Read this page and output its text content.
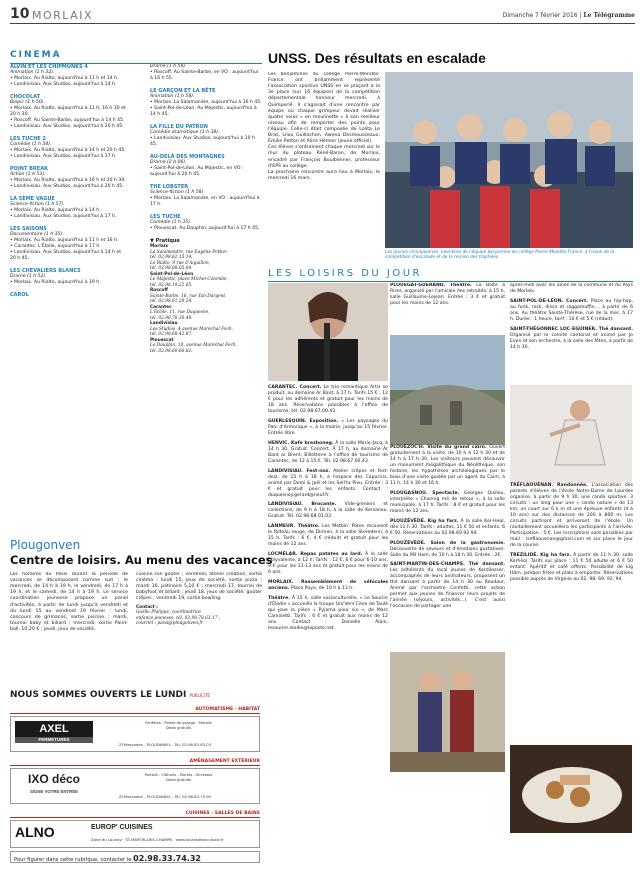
10 MORLAIX	Dimanche 7 février 2016 | Le Télégramme
CINÉMA
ALVIN ET LES CHIPMUNKS 4
Animation (1 h 32).
• Morlaix. Au Rialto, aujourd'hui à 11 h et 14 h.
• Landivisiau. Aux Studios, aujourd'hui à 14 h.
CHOCOLAT
Biopic (1 h 50).
• Morlaix. Au Rialto, aujourd'hui à 11 h, 16 h 30 et 20 h 30.
• Roscoff. Au Sainte-Barbe, aujourd'hui à 14 h 45.
• Landivisiau. Aux Studios, aujourd'hui à 20 h 45.
LES TUCHE 2
Comédie (1 h 34).
• Morlaix. Au Rialto, aujourd'hui à 14 h et 20 h 45.
• Landivisiau. Aux Studios, aujourd'hui à 17 h.
POINT BREAK
Action (1 h 53).
• Morlaix. Au Rialto, aujourd'hui à 16 h et 20 h 30.
• Landivisiau. Aux Studios, aujourd'hui à 20 h 45.
LA 5ÈME VAGUE
Science-fiction (1 h 57).
• Morlaix. Au Rialto, aujourd'hui à 14 h.
• Landivisiau. Aux Studios, aujourd'hui à 17 h.
LES SAISONS
Documentaire (1 h 35).
• Morlaix. Au Rialto, aujourd'hui à 11 h et 16 h.
• Carantec. L'Étoile, aujourd'hui à 17 h.
• Landivisiau. Aux Studios, aujourd'hui à 14 h et 20 h 45.
LES CHEVALIERS BLANCS
Drame (1 h 52).
• Morlaix. Au Rialto, aujourd'hui à 19 h.
CAROL
Drame (1 h 58).
• Roscoff. Au Sainte-Barbe, en VO : aujourd'hui à 16 h 55.
LE GARÇON ET LA BÊTE
Animation (1 h 58).
• Morlaix. La Salamandre, aujourd'hui à 16 h 45.
• Saint-Pol-de-Léon. Au Majestic, aujourd'hui à 14 h 45.
LA FILLE DU PATRON
Comédie dramatique (1 h 38).
• Landivisiau. Aux Studios, aujourd'hui à 10 h 45.
AU-DELÀ DES MONTAGNES
Drame (2 h 06).
• Saint-Pol-de-Léon. Au Majestic, en VO : aujourd'hui à 20 h 45.
THE LOBSTER
Science-fiction (1 h 58).
• Morlaix. La Salamandre, en VO : aujourd'hui à 17 h.
LES TUCHE
Comédie (1 h 35).
• Plouescat. Au Dauphin, aujourd'hui à 17 h 45.
▼ Pratique
Morlaix
La Salamandre, rue Eugène-Pottier,
tél. 02.98.62.15.14.
Le Rialto, 9 rue d'Aiguillon,
tél. 02.98.88.05.04.
Saint-Pol-de-Léon
Le Majestic, place Michel-Colombe,
tél. 02.98.19.22.65.
Roscoff
Sainte-Barbe, 16, rue Yan Dargent,
tél. 02.98.61.29.24.
Carantec
L'Étoile, 11, rue Duquesne,
tél. 02.98.78.30.49.
Landivisiau
Les Studios, 4 avenue Maréchal Foch,
tél. 02.98.68.42.87.
Plouescat
Le Dauphin, 10, avenue Maréchal Foch,
tél. 02.98.69.66.82.
UNSS. Des résultats en escalade

Les benjamines du collège Pierre-Mendès-France ont brillamment représenté l'association sportive UNSS en se plaçant à la 3e place (sur 16 équipes) de la compétition départementale honneur mercredi, à Quimperlé. Il s'agissait d'une rencontre par équipe où chaque grimpeur devait réaliser quatre voies « en moulinette » à son meilleur niveau afin de remporter des points pour l'équipe. Celle-ci était composée de Lolita Le Bras, Lilou Guillochon, Awena Desmousseaux, Émilie Petton et Alice Hémon (jeune officiel).

Ces élèves s'entraînent chaque mercredi sur le mur du plateau René-Baron, de Morlaix, encadré par François Boulbenner, professeur d'EPS au collège.

La prochaine rencontre aura lieu à Morlaix, le mercredi 16 mars.

Les jeunes championnes, membres de l'équipe benjamine du collège Pierre-Mendès-France, à l'issue de la compétition d'escalade et de la remise des trophées.
LES LOISIRS DU JOUR
CARANTEC. Concert. Le trio romantique Artis se produit, au domaine Ar Bant, à 17 h. Tarifs 15 € ; 12 € pour les adhérents et gratuit pour les moins de 18 ans. Réservations possibles à l'office de tourisme, tél. 02.98.67.00.43.
GUERLESQUIN. Exposition. « Les paysages du Parc d'Armorique », à la mairie, jusqu'au 15 février. Entrée libre.
HENVIC. Kafe brezhoneg. À la salle Marie-Jacq, à 14 h 30. Gratuit. Concert. À 17 h, au domaine Ar Bant ar Brent. Billetterie à l'office de tourisme de Carantec, de 12 à 15 €. Tél. 02.98.67.00.43.
LANDIVISIAU. Fest-noz. Atelier crêpes et fest-deiz, de 15 h à 18 h, à l'espace des Capucins, animé par Domi & Joël et les Sell'ta Piou. Entrée : 3 € et gratuit pour les enfants. Contact : duquesnoy.gerard@neuf.fr.
LANDIVISIAU. Brocante. Vide-greniers et collections, de 9 h à 18 h, à la salle de Kersanou. Gratuit. Tél. 02.98.68.01.03.
LANMEUR. Théâtre. Les Metbin' Potes recoivent le Rideau rouge, de Dirinon, à la salle Steredenn, à 15 h. Tarifs : 6 €, 4 € (réduit) et gratuit pour les moins de 12 ans.
LOCMÉLAR. Repas patates au lard. À la salle polyvalente, à 12 h. Tarifs : 12 €, 6 € pour 6-10 ans, 9 € pour les 11-13 ans et gratuit pour les moins de 6 ans.
MORLAIX. Rassemblement de véhicules anciens. Place Puyo, de 10 h à 13 h.
Théâtre. À 15 h, salle socioculturelle, « Le Sourire d'Élodie » accueille la troupe Uni'Vers'Cène de Taulé qui joue la pièce « Pyjama pour six », de Marc Camoletti. Tarifs : 6 € et gratuit aux moins de 12 ans. Contact : Danielle Alain, lesourire.elodie@laposte.net.
PLOUÉGAT-GUÉRAND. Théâtre. La Boîte à Rires, organisé par l'amicale des retraités, à 15 h, salle Guillaume-Lejean. Entrée : 3 € et gratuit pour les moins de 12 ans.
PLOUÉZOC'H. Visite du grand cairn. Ouvert gratuitement à la visite, de 10 h à 12 h 30 et de 14 h à 17 h 30. Les visiteurs peuvent découvrir un monument mégalithique du Néolithique, son histoire, les hypothèses archéologiques par le biais d'une visite guidée par un agent du Cairn, à 11 h, 14 h 30 et 16 h.
PLOUGASNOU. Spectacle. Georges Quillou, interprète « Channig mé de retour », à la salle municipale, à 17 h. Tarifs : 8 € et gratuit pour les moins de 12 ans.
PLOUZÉVÉDÉ. Kig ha farz. À la salle Ker-Heol, dès 11 h 30. Tarifs : adultes, 11 € 50 et enfants, 6 € 50. Réservations au 02.98.69.92.94.
PLOUZÉVÉDÉ. Salon de la gastronomie. Découverte de saveurs et d'émotions gustatives. Salle du Mil Ham, de 10 h à 18 h 30. Entrée : 2€.
SAINT-MARTIN-DES-CHAMPS. Thé dansant. Les adhérents du local jeunes de Kerdilosser, accompagnés de leurs animateurs, proposent un thé dansant à partir de 14 h 30 au Roudour. Animé par l'orchestre Confetti, cette action permet aux jeunes de financer leurs projets de l'année (séjours, activités...). C'est aussi l'occasion de partager une
après-midi avec les aînés de la commune et du Pays de Morlaix.
SAINT-POL-DE-LÉON. Concert. Place au hip-hop, au funk, rock, disco et raggamuffin, , à partir de 6 ans. Au théâtre Sainte-Thérèse, rue de la mer, à 17 h. Durée : 1 heure, tarif : 10 € et 5 € (réduit).
SAINT-THÉGONNEC LOC-EGUINER. Thé dansant. Organisé par le comité cantonal et animé par Jo Even et son orchestre, à la salle des fêtes, à partir de 14 h 30.
TRÉFLAOUÉNAN. Randonnée. L'association des parents d'élèves de l'école Notre-Dame de Lourdes organise, à partir de 9 h 30, une rando sportive. 3 circuits : un long pour une « rando nature » de 13 km, un court sur 6 k m et une épreuve enfants (4 à 10 ans) sur des distances de 200 à 800 m. Les circuits partiront et arriveront de l'école. Un ravitaillement accueillera les participants à l'arrivée. Participation : 5 €. Les inscriptions sont possibles par mail : treflaouenan@gmail.com et sur place le jour de la course.
TRÉZILIDÉ. Kig ha farz. À partir de 11 h 30, salle Kerhéol. Tarifs sur place : 11 € 50 adulte et 6 € 50 enfant. Apéritif et café offerts. Possibilité de kig Hôm, jambon frites et plats à emporter. Réservations possible auprès de Virginie au 02. 98. 69. 92. 94.
Plougonven
Centre de loisirs. Au menu des vacances

Les horaires du Passi durant la période de vacances se décomposent comme suit : le mercredi, de 14 h à 19 h, le vendredi, de 17 h à 19 h, et le samedi, de 14 h à 19 h. Le service coordination jeunesse propose un panel d'activités, à partir de lundi jusqu'à vendredi et du lundi 15 au vendredi 19 février : lundi, concours de grimaces, sortie piscine ; mardi, tournoi baby et billard ; mercredi, sortie Paint-ball, 10,20 € ; jeudi, jeux de société,

cuisine son goûter ; vendredi, atelier création, sortie cinéma ; lundi 15, jeux de société, sortie pizza ; mardi 16, patinoire 5,10 € ; mercredi 17, tournoi de babyfoot et billard ; jeudi 18, jeux de société, goûter crêpes ; vendredi 19, sortie bowling.

Contact :
Gaëlle Philippe, coordinatrice
enfance-jeunesse, tél. 02.98.78.63.17 ;
courriel : passi@plougonven.fr

NOUS SOMMES OUVERTS LE LUNDI PUBLICITÉ
AUTOMATISME - HABITAT
AXEL
FERMETURES
Fenêtres - Portes de garage - Portails
Devis gratuits
ZI Mescoden - PLOUDANIEL - Tél. 02.98.83.63.03
AMÉNAGEMENT EXTÉRIEUR
IXO déco
SIGNE VOTRE ENTRÉE
Portails - Clôtures - Murets - Terrasses
Devis gratuits
ZI Mescoden - PLOUDANIEL - Tél. 02.98.83.75.90
CUISINES - SALLES DE BAINS
ALNO	EUROP' CUISINES
Zone du Launay · ST-MARTIN-DES-CHAMPS · www.localisetoncuisine.fr
Pour figurer dans cette rubrique, contacter le 02.98.33.74.32
